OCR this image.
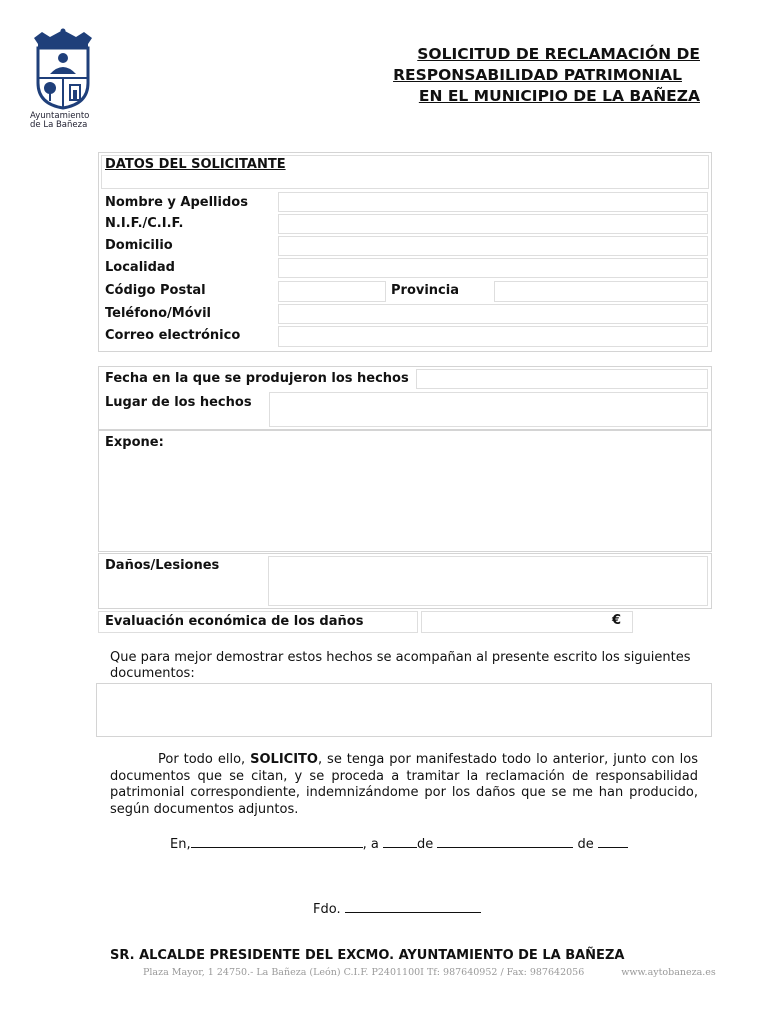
Ayuntamiento
de La Bañeza
SOLICITUD DE RECLAMACIÓN DE
RESPONSABILIDAD PATRIMONIAL
EN EL MUNICIPIO DE LA BAÑEZA
DATOS DEL SOLICITANTE
Nombre y Apellidos
N.I.F./C.I.F.
Domicilio
Localidad
Código Postal	Provincia
Teléfono/Móvil
Correo electrónico
Fecha en la que se produjeron los hechos
Lugar de los hechos
Expone:
Daños/Lesiones
Evaluación económica de los daños	€
Que para mejor demostrar estos hechos se acompañan al presente escrito los siguientes documentos:
Por todo ello, SOLICITO, se tenga por manifestado todo lo anterior, junto con los documentos que se citan, y se proceda a tramitar la reclamación de responsabilidad patrimonial correspondiente, indemnizándome por los daños que se me han producido, según documentos adjuntos.
En,	, a	de	de
Fdo.
SR. ALCALDE PRESIDENTE DEL EXCMO. AYUNTAMIENTO DE LA BAÑEZA
Plaza Mayor, 1 24750.- La Bañeza (León) C.I.F. P2401100I Tf: 987640952 / Fax: 987642056	www.aytobaneza.es
